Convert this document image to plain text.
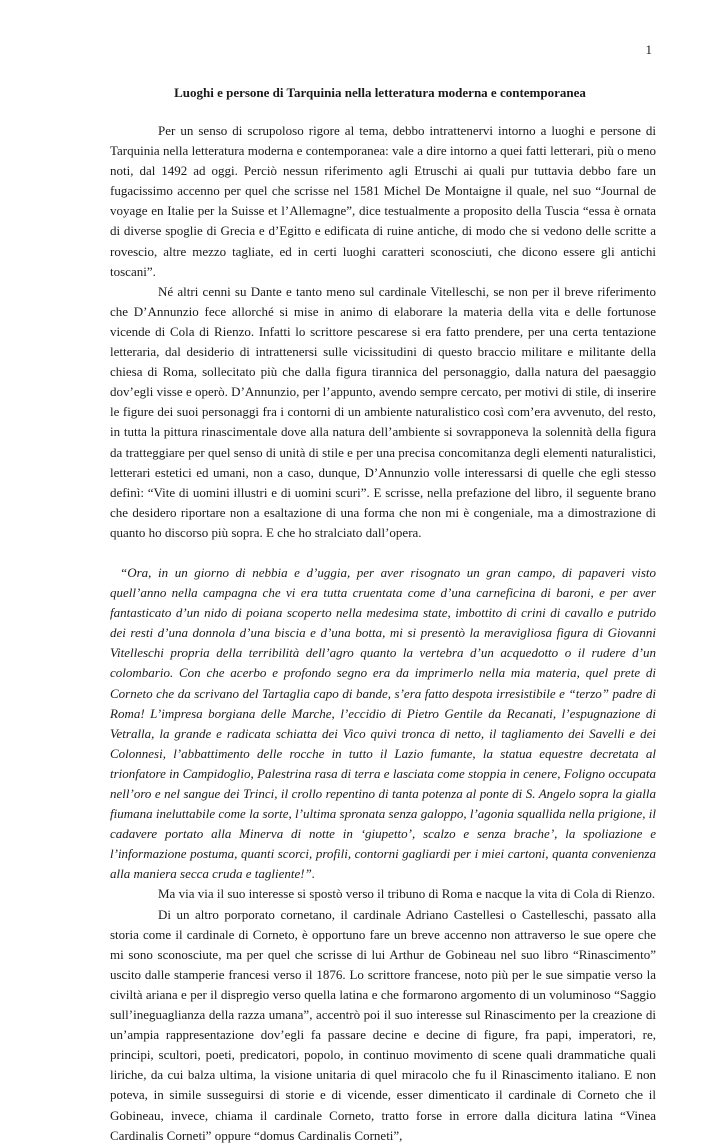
1
Luoghi e persone di Tarquinia nella letteratura moderna e contemporanea

Per un senso di scrupoloso rigore al tema, debbo intrattenervi intorno a luoghi e persone di Tarquinia nella letteratura moderna e contemporanea: vale a dire intorno a quei fatti letterari, più o meno noti, dal 1492 ad oggi. Perciò nessun riferimento agli Etruschi ai quali pur tuttavia debbo fare un fugacissimo accenno per quel che scrisse nel 1581 Michel De Montaigne il quale, nel suo “Journal de voyage en Italie per la Suisse et l’Allemagne”, dice testualmente a proposito della Tuscia “essa è ornata di diverse spoglie di Grecia e d’Egitto e edificata di ruine antiche, di modo che si vedono delle scritte a rovescio, altre mezzo tagliate, ed in certi luoghi caratteri sconosciuti, che dicono essere gli antichi toscani”.

Né altri cenni su Dante e tanto meno sul cardinale Vitelleschi, se non per il breve riferimento che D’Annunzio fece allorché si mise in animo di elaborare la materia della vita e delle fortunose vicende di Cola di Rienzo. Infatti lo scrittore pescarese si era fatto prendere, per una certa tentazione letteraria, dal desiderio di intrattenersi sulle vicissitudini di questo braccio militare e militante della chiesa di Roma, sollecitato più che dalla figura tirannica del personaggio, dalla natura del paesaggio dov’egli visse e operò. D’Annunzio, per l’appunto, avendo sempre cercato, per motivi di stile, di inserire le figure dei suoi personaggi fra i contorni di un ambiente naturalistico così com’era avvenuto, del resto, in tutta la pittura rinascimentale dove alla natura dell’ambiente si sovrapponeva la solennità della figura da tratteggiare per quel senso di unità di stile e per una precisa concomitanza degli elementi naturalistici, letterari estetici ed umani, non a caso, dunque, D’Annunzio volle interessarsi di quelle che egli stesso definì: “Vite di uomini illustri e di uomini scuri”. E scrisse, nella prefazione del libro, il seguente brano che desidero riportare non a esaltazione di una forma che non mi è congeniale, ma a dimostrazione di quanto ho discorso più sopra. E che ho stralciato dall’opera.

“Ora, in un giorno di nebbia e d’uggia, per aver risognato un gran campo, di papaveri visto quell’anno nella campagna che vi era tutta cruentata come d’una carneficina di baroni, e per aver fantasticato d’un nido di poiana scoperto nella medesima state, imbottito di crini di cavallo e putrido dei resti d’una donnola d’una biscia e d’una botta, mi si presentò la meravigliosa figura di Giovanni Vitelleschi propria della terribilità dell’agro quanto la vertebra d’un acquedotto o il rudere d’un colombario. Con che acerbo e profondo segno era da imprimerlo nella mia materia, quel prete di Corneto che da scrivano del Tartaglia capo di bande, s’era fatto despota irresistibile e “terzo” padre di Roma! L’impresa borgiana delle Marche, l’eccidio di Pietro Gentile da Recanati, l’espugnazione di Vetralla, la grande e radicata schiatta dei Vico quivi tronca di netto, il tagliamento dei Savelli e dei Colonnesi, l’abbattimento delle rocche in tutto il Lazio fumante, la statua equestre decretata al trionfatore in Campidoglio, Palestrina rasa di terra e lasciata come stoppia in cenere, Foligno occupata nell’oro e nel sangue dei Trinci, il crollo repentino di tanta potenza al ponte di S. Angelo sopra la gialla fiumana ineluttabile come la sorte, l’ultima spronata senza galoppo, l’agonia squallida nella prigione, il cadavere portato alla Minerva di notte in ‘giupetto’, scalzo e senza brache’, la spoliazione e l’informazione postuma, quanti scorci, profili, contorni gagliardi per i miei cartoni, quanta convenienza alla maniera secca cruda e taglienteǃ”.

Ma via via il suo interesse si spostò verso il tribuno di Roma e nacque la vita di Cola di Rienzo.

Di un altro porporato cornetano, il cardinale Adriano Castellesi o Castelleschi, passato alla storia come il cardinale di Corneto, è opportuno fare un breve accenno non attraverso le sue opere che mi sono sconosciute, ma per quel che scrisse di lui Arthur de Gobineau nel suo libro “Rinascimento” uscito dalle stamperie francesi verso il 1876. Lo scrittore francese, noto più per le sue simpatie verso la civiltà ariana e per il dispregio verso quella latina e che formarono argomento di un voluminoso “Saggio sull’ineguaglianza della razza umana”, accentrò poi il suo interesse sul Rinascimento per la creazione di un’ampia rappresentazione dov’egli fa passare decine e decine di figure, fra papi, imperatori, re, principi, scultori, poeti, predicatori, popolo, in continuo movimento di scene quali drammatiche quali liriche, da cui balza ultima, la visione unitaria di quel miracolo che fu il Rinascimento italiano. E non poteva, in simile susseguirsi di storie e di vicende, esser dimenticato il cardinale di Corneto che il Gobineau, invece, chiama il cardinale Corneto, tratto forse in errore dalla dicitura latina “Vinea Cardinalis Corneti” oppure “domus Cardinalis Corneti”,
